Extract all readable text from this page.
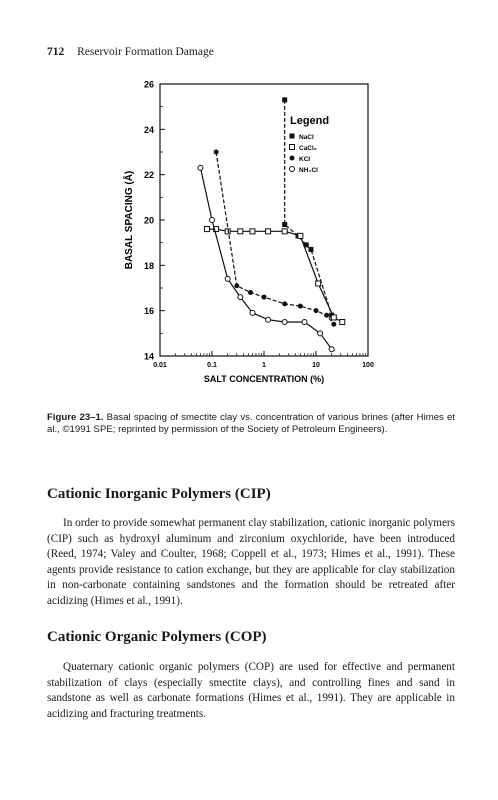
712 Reservoir Formation Damage
14
16
18
20
22
24
26
0.01	0.1	1	10	100
SALT CONCENTRATION (%)
BASAL SPACING (Å)
Legend
NaCl
CaCl₂
KCl
NH₄Cl

Figure 23–1. Basal spacing of smectite clay vs. concentration of various brines (after Himes et al., ©1991 SPE; reprinted by permission of the Society of Petroleum Engineers).

Cationic Inorganic Polymers (CIP)

In order to provide somewhat permanent clay stabilization, cationic inorganic polymers (CIP) such as hydroxyl aluminum and zirconium oxychloride, have been introduced (Reed, 1974; Valey and Coulter, 1968; Coppell et al., 1973; Himes et al., 1991). These agents provide resistance to cation exchange, but they are applicable for clay stabilization in non-carbonate containing sandstones and the formation should be retreated after acidizing (Himes et al., 1991).

Cationic Organic Polymers (COP)

Quaternary cationic organic polymers (COP) are used for effective and permanent stabilization of clays (especially smectite clays), and controlling fines and sand in sandstone as well as carbonate formations (Himes et al., 1991). They are applicable in acidizing and fracturing treatments.
